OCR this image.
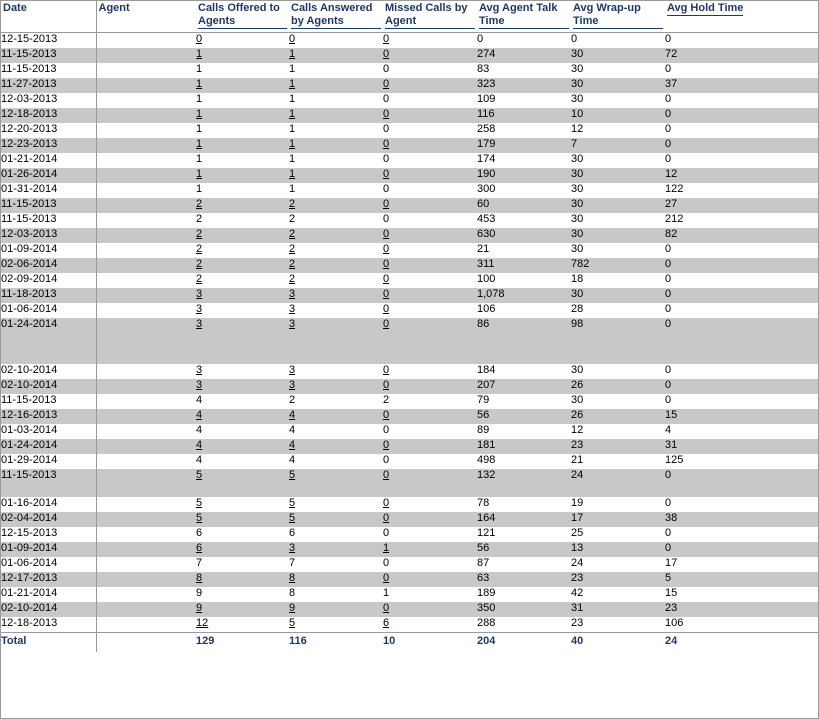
Date	Agent	Calls Offered to Agents	Calls Answered by Agents	Missed Calls by Agent	Avg Agent Talk Time	Avg Wrap-up Time	Avg Hold Time
12-15-2013		0	0	0	0	0	0
11-15-2013		1	1	0	274	30	72
11-15-2013		1	1	0	83	30	0
11-27-2013		1	1	0	323	30	37
12-03-2013		1	1	0	109	30	0
12-18-2013		1	1	0	116	10	0
12-20-2013		1	1	0	258	12	0
12-23-2013		1	1	0	179	7	0
01-21-2014		1	1	0	174	30	0
01-26-2014		1	1	0	190	30	12
01-31-2014		1	1	0	300	30	122
11-15-2013		2	2	0	60	30	27
11-15-2013		2	2	0	453	30	212
12-03-2013		2	2	0	630	30	82
01-09-2014		2	2	0	21	30	0
02-06-2014		2	2	0	311	782	0
02-09-2014		2	2	0	100	18	0
11-18-2013		3	3	0	1,078	30	0
01-06-2014		3	3	0	106	28	0
01-24-2014		3	3	0	86	98	0
02-10-2014		3	3	0	184	30	0
02-10-2014		3	3	0	207	26	0
11-15-2013		4	2	2	79	30	0
12-16-2013		4	4	0	56	26	15
01-03-2014		4	4	0	89	12	4
01-24-2014		4	4	0	181	23	31
01-29-2014		4	4	0	498	21	125
11-15-2013		5	5	0	132	24	0
01-16-2014		5	5	0	78	19	0
02-04-2014		5	5	0	164	17	38
12-15-2013		6	6	0	121	25	0
01-09-2014		6	3	1	56	13	0
01-06-2014		7	7	0	87	24	17
12-17-2013		8	8	0	63	23	5
01-21-2014		9	8	1	189	42	15
02-10-2014		9	9	0	350	31	23
12-18-2013		12	5	6	288	23	106
Total		129	116	10	204	40	24
